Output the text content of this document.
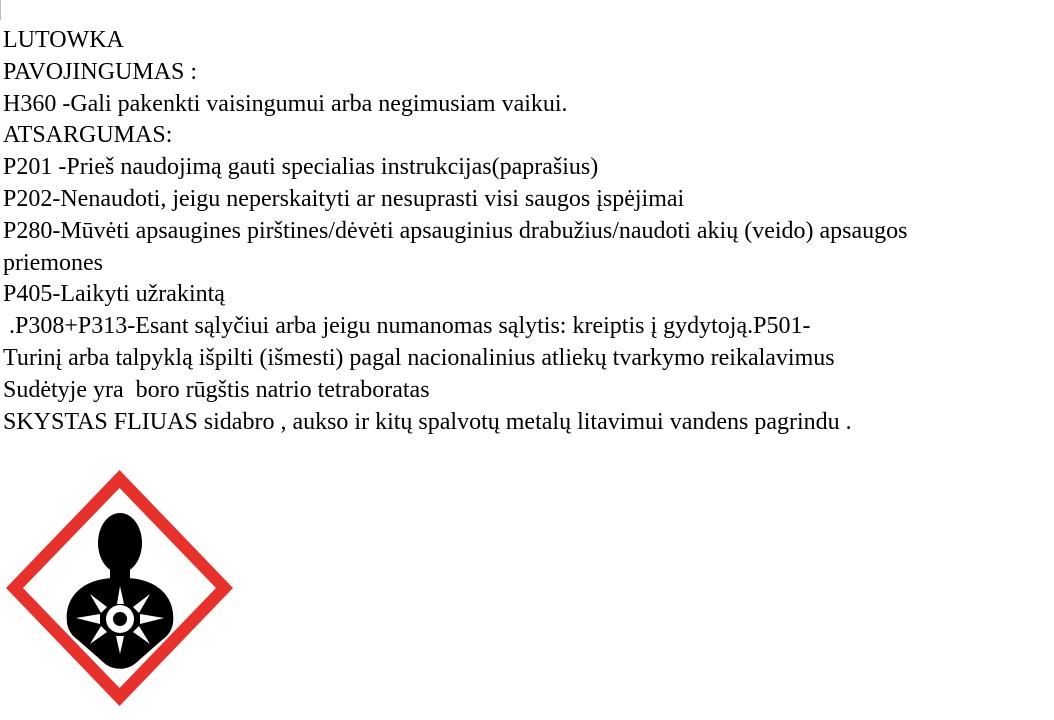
LUTOWKA
PAVOJINGUMAS :
H360 -Gali pakenkti vaisingumui arba negimusiam vaikui.
ATSARGUMAS:
P201 -Prieš naudojimą gauti specialias instrukcijas(paprašius)
P202-Nenaudoti, jeigu neperskaityti ar nesuprasti visi saugos įspėjimai
P280-Mūvėti apsaugines pirštines/dėvėti apsauginius drabužius/naudoti akių (veido) apsaugos
priemones
P405-Laikyti užrakintą
.P308+P313-Esant sąlyčiui arba jeigu numanomas sąlytis: kreiptis į gydytoją.P501-
Turinį arba talpyklą išpilti (išmesti) pagal nacionalinius atliekų tvarkymo reikalavimus
Sudėtyje yra  boro rūgštis natrio tetraboratas
SKYSTAS FLIUAS sidabro , aukso ir kitų spalvotų metalų litavimui vandens pagrindu .
